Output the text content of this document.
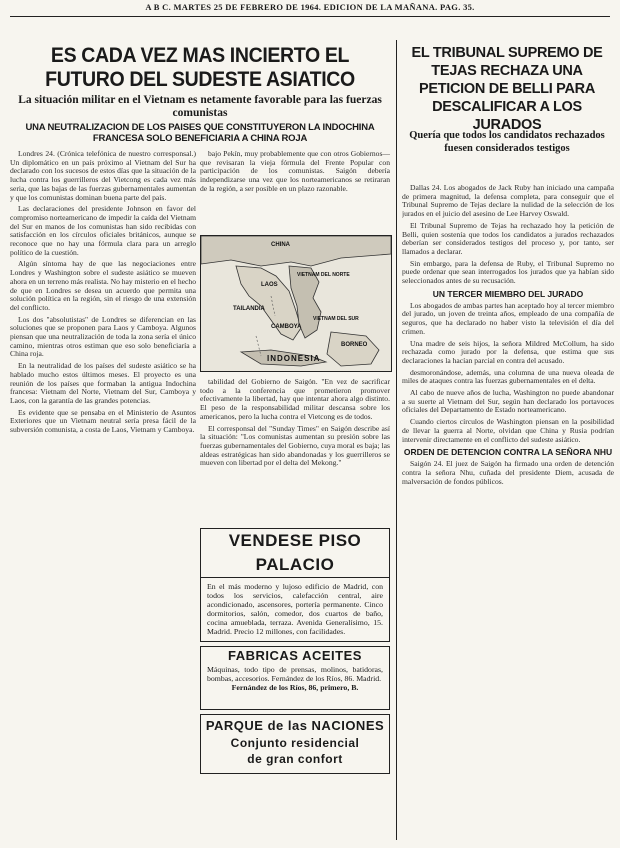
A B C. MARTES 25 DE FEBRERO DE 1964. EDICION DE LA MAÑANA. PAG. 35.
ES CADA VEZ MAS INCIERTO EL FUTURO DEL SUDESTE ASIATICO
La situación militar en el Vietnam es netamente favorable para las fuerzas comunistas
UNA NEUTRALIZACION DE LOS PAISES QUE CONSTITUYERON LA INDOCHINA FRANCESA SOLO BENEFICIARIA A CHINA ROJA

Londres 24. (Crónica telefónica de nuestro corresponsal.) Un diplomático en un país próximo al Vietnam del Sur ha declarado con los sucesos de estos días que la situación de la lucha contra los guerrilleros del Vietcong es cada vez más seria, que las bajas de las fuerzas gubernamentales aumentan y que los comunistas dominan buena parte del país.

Las declaraciones del presidente Johnson en favor del compromiso norteamericano de impedir la caída del Vietnam del Sur en manos de los comunistas han sido recibidas con satisfacción en los círculos oficiales británicos, aunque se reconoce que no hay una fórmula clara para un arreglo político de la cuestión.

Algún síntoma hay de que las negociaciones entre Londres y Washington sobre el sudeste asiático se mueven ahora en un terreno más realista. No hay misterio en el hecho de que en Londres se desea un acuerdo que permita una solución política en la región, sin el riesgo de una extensión del conflicto.

Los dos "absolutistas" de Londres se diferencian en las soluciones que se proponen para Laos y Camboya. Algunos piensan que una neutralización de toda la zona sería el único camino, mientras otros estiman que eso solo beneficiaría a China roja.

En la neutralidad de los países del sudeste asiático se ha hablado mucho estos últimos meses. El proyecto es una reunión de los países que formaban la antigua Indochina francesa: Vietnam del Norte, Vietnam del Sur, Camboya y Laos, con la garantía de las grandes potencias.

Es evidente que se pensaba en el Ministerio de Asuntos Exteriores que un Vietnam neutral sería presa fácil de la subversión comunista, a costa de Laos, Vietnam y Camboya.

bajo Pekín, muy probablemente que con otros Gobiernos—que revisaran la vieja fórmula del Frente Popular con participación de los comunistas. Saigón debería independizarse una vez que los norteamericanos se retiraran de la región, a ser posible en un plazo razonable.

CHINA
VIETNAM DEL NORTE
LAOS
TAILANDIA
CAMBOYA
VIETNAM DEL SUR
BORNEO
INDONESIA

tabilidad del Gobierno de Saigón. "En vez de sacrificar todo a la conferencia que prometieron promover efectivamente la libertad, hay que intentar ahora algo distinto. El peso de la responsabilidad militar descansa sobre los americanos, pero la lucha contra el Vietcong es de todos.

El corresponsal del "Sunday Times" en Saigón describe así la situación: "Los comunistas aumentan su presión sobre las fuerzas gubernamentales del Gobierno, cuya moral es baja; las aldeas estratégicas han sido abandonadas y los guerrilleros se mueven con libertad por el delta del Mekong."

VENDESE PISO PALACIO
En el más moderno y lujoso edificio de Madrid, con todos los servicios, calefacción central, aire acondicionado, ascensores, portería permanente. Cinco dormitorios, salón, comedor, dos cuartos de baño, cocina amueblada, terraza. Avenida Generalísimo, 15. Madrid. Precio 12 millones, con facilidades.
FABRICAS ACEITES
Máquinas, todo tipo de prensas, molinos, batidoras, bombas, accesorios. Fernández de los Ríos, 86. Madrid.
Fernández de los Ríos, 86, primero, B.
PARQUE de las NACIONES
Conjunto residencial
de gran confort
EL TRIBUNAL SUPREMO DE TEJAS RECHAZA UNA PETICION DE BELLI PARA DESCALIFICAR A LOS JURADOS
Quería que todos los candidatos rechazados fuesen considerados testigos

Dallas 24. Los abogados de Jack Ruby han iniciado una campaña de primera magnitud, la defensa completa, para conseguir que el Tribunal Supremo de Tejas declare la nulidad de la selección de los jurados en el juicio del asesino de Lee Harvey Oswald.

El Tribunal Supremo de Tejas ha rechazado hoy la petición de Belli, quien sostenía que todos los candidatos a jurados rechazados deberían ser considerados testigos del proceso y, por tanto, ser llamados a declarar.

Sin embargo, para la defensa de Ruby, el Tribunal Supremo no puede ordenar que sean interrogados los jurados que ya habían sido seleccionados antes de su recusación.

UN TERCER MIEMBRO DEL JURADO

Los abogados de ambas partes han aceptado hoy al tercer miembro del jurado, un joven de treinta años, empleado de una compañía de seguros, que ha declarado no haber visto la televisión el día del crimen.

Una madre de seis hijos, la señora Mildred McCollum, ha sido rechazada como jurado por la defensa, que estima que sus declaraciones la hacían parcial en contra del acusado.

desmoronándose, además, una columna de una nueva oleada de miles de ataques contra las fuerzas gubernamentales en el delta.

Al cabo de nueve años de lucha, Washington no puede abandonar a su suerte al Vietnam del Sur, según han declarado los portavoces oficiales del Departamento de Estado norteamericano.

Cuando ciertos círculos de Washington piensan en la posibilidad de llevar la guerra al Norte, olvidan que China y Rusia podrían intervenir directamente en el conflicto del sudeste asiático.

ORDEN DE DETENCION CONTRA LA SEÑORA NHU

Saigón 24. El juez de Saigón ha firmado una orden de detención contra la señora Nhu, cuñada del presidente Diem, acusada de malversación de fondos públicos.
